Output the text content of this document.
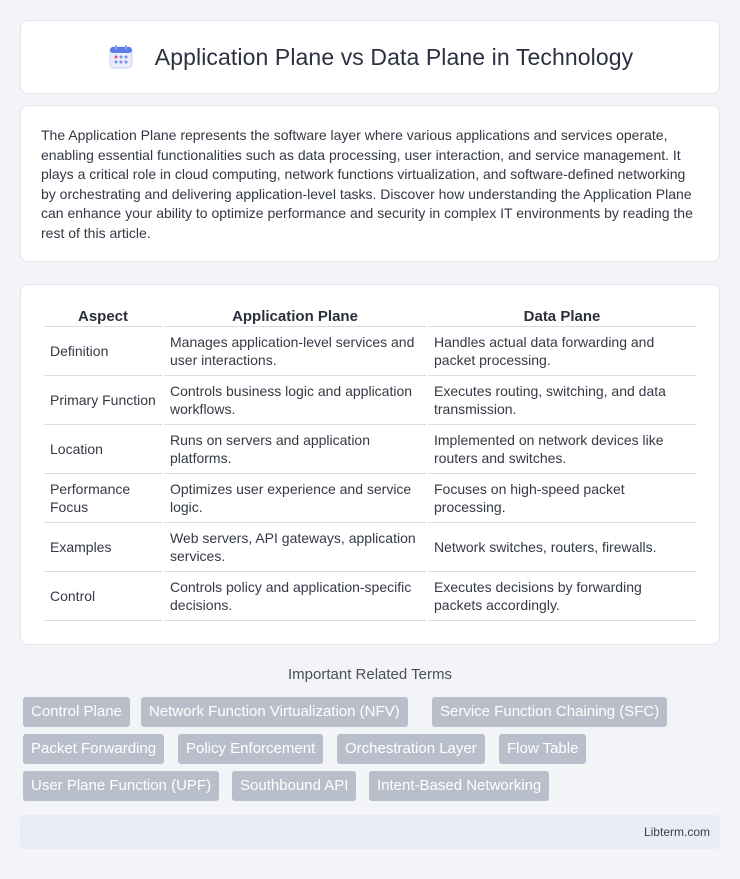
Application Plane vs Data Plane in Technology

The Application Plane represents the software layer where various applications and services operate, enabling essential functionalities such as data processing, user interaction, and service management. It plays a critical role in cloud computing, network functions virtualization, and software-defined networking by orchestrating and delivering application-level tasks. Discover how understanding the Application Plane can enhance your ability to optimize performance and security in complex IT environments by reading the rest of this article.

Aspect	Application Plane	Data Plane
Definition	Manages application-level services and user interactions.	Handles actual data forwarding and packet processing.
Primary Function	Controls business logic and application workflows.	Executes routing, switching, and data transmission.
Location	Runs on servers and application platforms.	Implemented on network devices like routers and switches.
Performance Focus	Optimizes user experience and service logic.	Focuses on high-speed packet processing.
Examples	Web servers, API gateways, application services.	Network switches, routers, firewalls.
Control	Controls policy and application-specific decisions.	Executes decisions by forwarding packets accordingly.
Important Related Terms
Control Plane	Network Function Virtualization (NFV)	Service Function Chaining (SFC)
Packet Forwarding	Policy Enforcement	Orchestration Layer	Flow Table
User Plane Function (UPF)	Southbound API	Intent-Based Networking
Libterm.com
